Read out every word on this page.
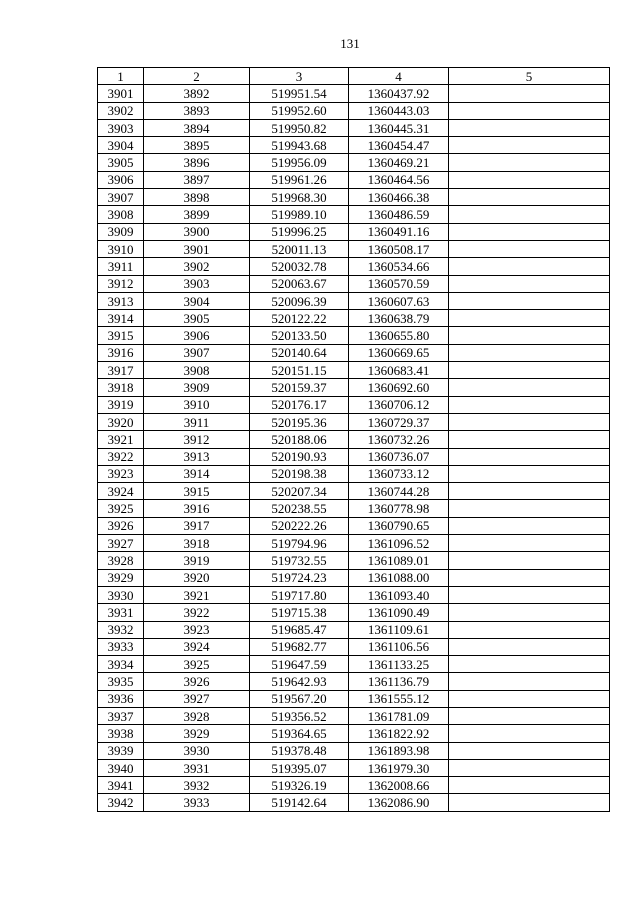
131
1	2	3	4	5
3901	3892	519951.54	1360437.92	
3902	3893	519952.60	1360443.03	
3903	3894	519950.82	1360445.31	
3904	3895	519943.68	1360454.47	
3905	3896	519956.09	1360469.21	
3906	3897	519961.26	1360464.56	
3907	3898	519968.30	1360466.38	
3908	3899	519989.10	1360486.59	
3909	3900	519996.25	1360491.16	
3910	3901	520011.13	1360508.17	
3911	3902	520032.78	1360534.66	
3912	3903	520063.67	1360570.59	
3913	3904	520096.39	1360607.63	
3914	3905	520122.22	1360638.79	
3915	3906	520133.50	1360655.80	
3916	3907	520140.64	1360669.65	
3917	3908	520151.15	1360683.41	
3918	3909	520159.37	1360692.60	
3919	3910	520176.17	1360706.12	
3920	3911	520195.36	1360729.37	
3921	3912	520188.06	1360732.26	
3922	3913	520190.93	1360736.07	
3923	3914	520198.38	1360733.12	
3924	3915	520207.34	1360744.28	
3925	3916	520238.55	1360778.98	
3926	3917	520222.26	1360790.65	
3927	3918	519794.96	1361096.52	
3928	3919	519732.55	1361089.01	
3929	3920	519724.23	1361088.00	
3930	3921	519717.80	1361093.40	
3931	3922	519715.38	1361090.49	
3932	3923	519685.47	1361109.61	
3933	3924	519682.77	1361106.56	
3934	3925	519647.59	1361133.25	
3935	3926	519642.93	1361136.79	
3936	3927	519567.20	1361555.12	
3937	3928	519356.52	1361781.09	
3938	3929	519364.65	1361822.92	
3939	3930	519378.48	1361893.98	
3940	3931	519395.07	1361979.30	
3941	3932	519326.19	1362008.66	
3942	3933	519142.64	1362086.90	
